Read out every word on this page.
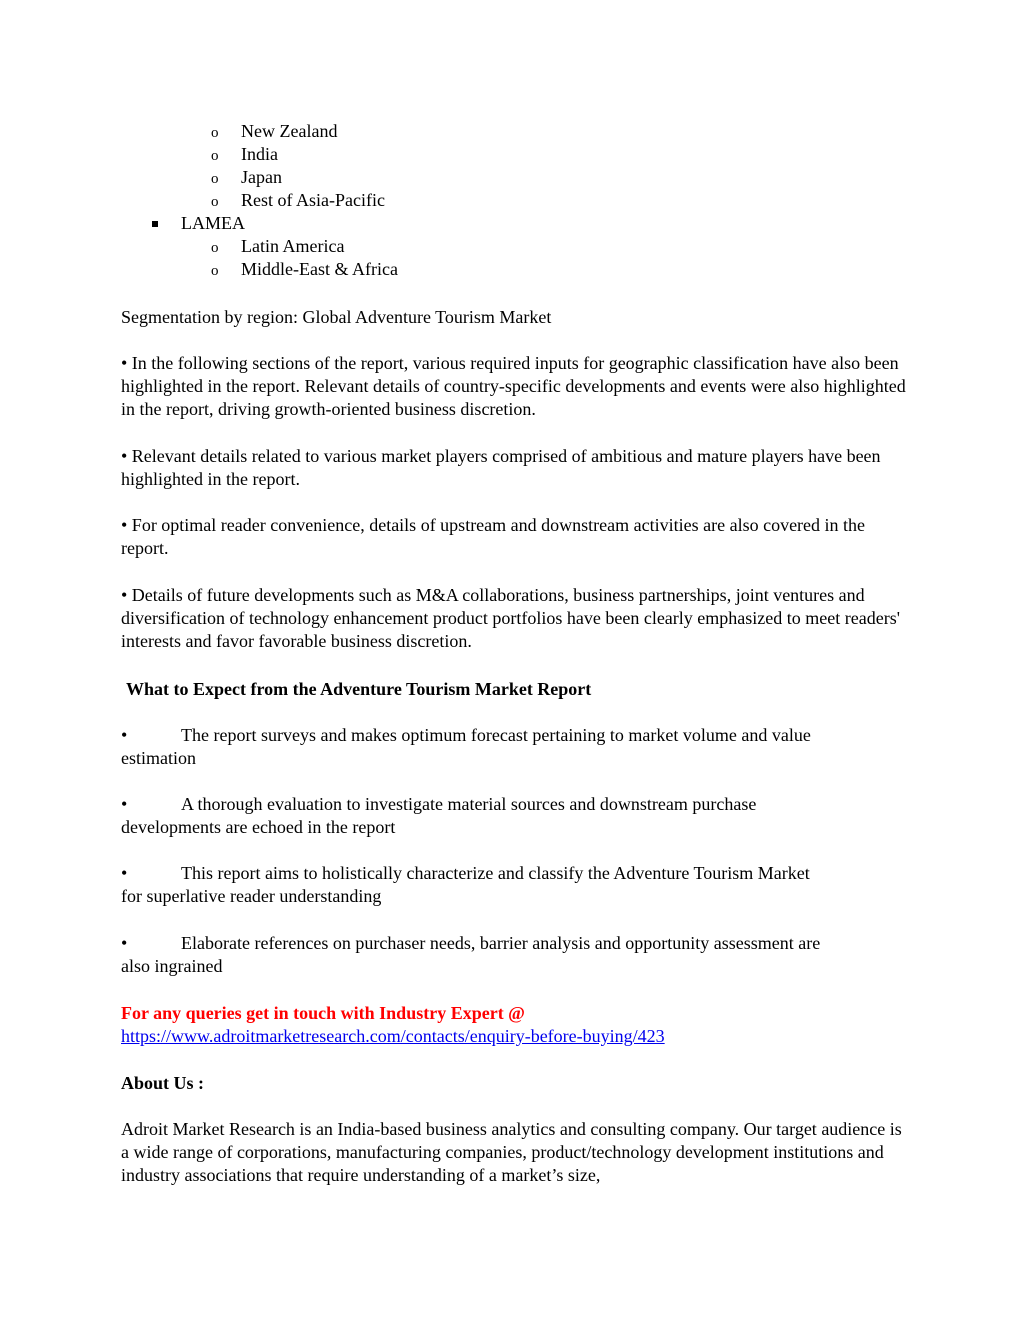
o New Zealand
o India
o Japan
o Rest of Asia-Pacific
LAMEA
o Latin America
o Middle-East & Africa
Segmentation by region: Global Adventure Tourism Market
• In the following sections of the report, various required inputs for geographic classification have also been highlighted in the report. Relevant details of country-specific developments and events were also highlighted in the report, driving growth-oriented business discretion.
• Relevant details related to various market players comprised of ambitious and mature players have been highlighted in the report.
• For optimal reader convenience, details of upstream and downstream activities are also covered in the report.
• Details of future developments such as M&A collaborations, business partnerships, joint ventures and diversification of technology enhancement product portfolios have been clearly emphasized to meet readers' interests and favor favorable business discretion.
What to Expect from the Adventure Tourism Market Report
•	The report surveys and makes optimum forecast pertaining to market volume and value
estimation
•	A thorough evaluation to investigate material sources and downstream purchase
developments are echoed in the report
•	This report aims to holistically characterize and classify the Adventure Tourism Market
for superlative reader understanding
•	Elaborate references on purchaser needs, barrier analysis and opportunity assessment are
also ingrained
For any queries get in touch with Industry Expert @
https://www.adroitmarketresearch.com/contacts/enquiry-before-buying/423
About Us :
Adroit Market Research is an India-based business analytics and consulting company. Our target audience is a wide range of corporations, manufacturing companies, product/technology development institutions and industry associations that require understanding of a market’s size,
